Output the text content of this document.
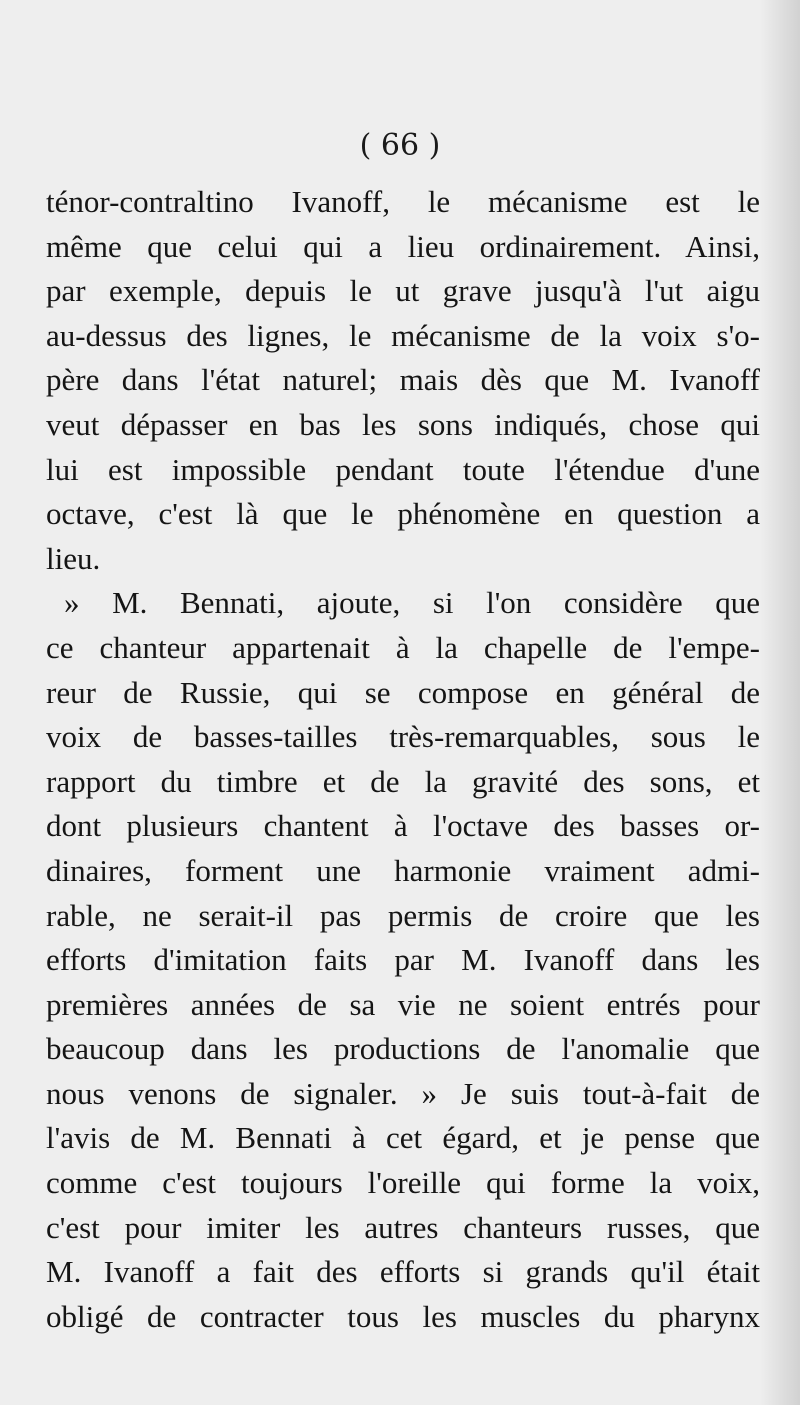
( 66 )
ténor-contraltino Ivanoff, le mécanisme est le
même que celui qui a lieu ordinairement. Ainsi,
par exemple, depuis le ut grave jusqu'à l'ut aigu
au-dessus des lignes, le mécanisme de la voix s'o-
père dans l'état naturel; mais dès que M. Ivanoff
veut dépasser en bas les sons indiqués, chose qui
lui est impossible pendant toute l'étendue d'une
octave, c'est là que le phénomène en question a
lieu.
» M. Bennati, ajoute, si l'on considère que
ce chanteur appartenait à la chapelle de l'empe-
reur de Russie, qui se compose en général de
voix de basses-tailles très-remarquables, sous le
rapport du timbre et de la gravité des sons, et
dont plusieurs chantent à l'octave des basses or-
dinaires, forment une harmonie vraiment admi-
rable, ne serait-il pas permis de croire que les
efforts d'imitation faits par M. Ivanoff dans les
premières années de sa vie ne soient entrés pour
beaucoup dans les productions de l'anomalie que
nous venons de signaler. » Je suis tout-à-fait de
l'avis de M. Bennati à cet égard, et je pense que
comme c'est toujours l'oreille qui forme la voix,
c'est pour imiter les autres chanteurs russes, que
M. Ivanoff a fait des efforts si grands qu'il était
obligé de contracter tous les muscles du pharynx
